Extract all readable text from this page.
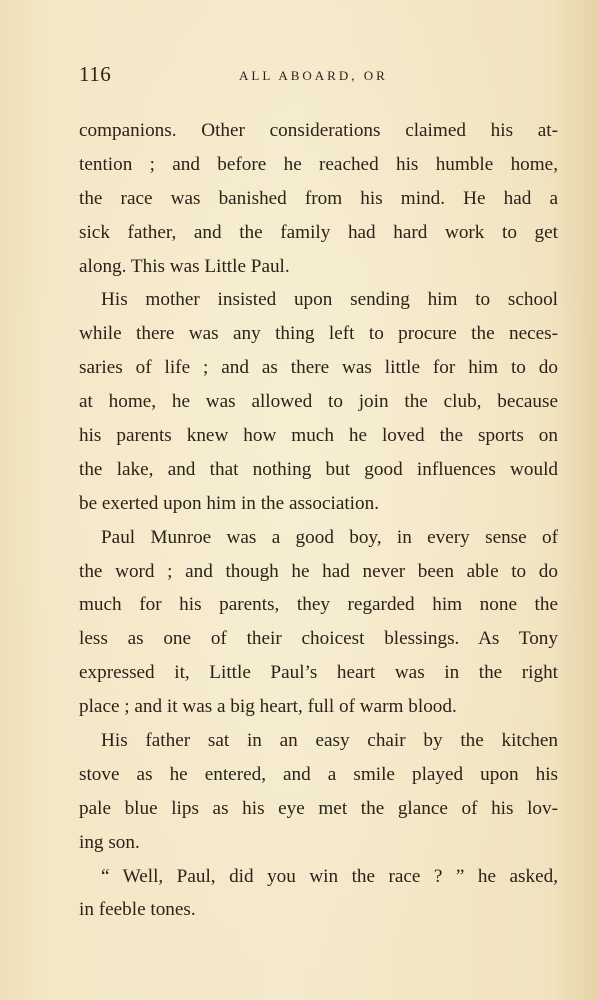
116	ALL ABOARD, OR
companions. Other considerations claimed his at-
tention ; and before he reached his humble home,
the race was banished from his mind. He had a
sick father, and the family had hard work to get
along. This was Little Paul.
His mother insisted upon sending him to school
while there was any thing left to procure the neces-
saries of life ; and as there was little for him to do
at home, he was allowed to join the club, because
his parents knew how much he loved the sports on
the lake, and that nothing but good influences would
be exerted upon him in the association.
Paul Munroe was a good boy, in every sense of
the word ; and though he had never been able to do
much for his parents, they regarded him none the
less as one of their choicest blessings. As Tony
expressed it, Little Paul’s heart was in the right
place ; and it was a big heart, full of warm blood.
His father sat in an easy chair by the kitchen
stove as he entered, and a smile played upon his
pale blue lips as his eye met the glance of his lov-
ing son.
“ Well, Paul, did you win the race ? ” he asked,
in feeble tones.
